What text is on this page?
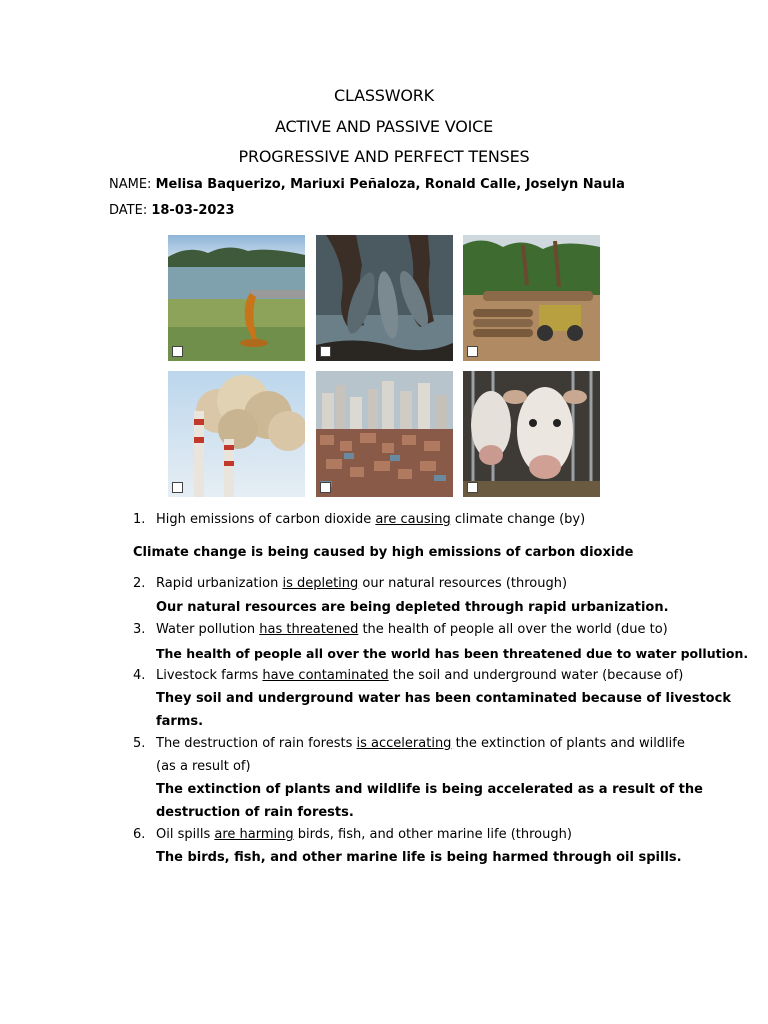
CLASSWORK
ACTIVE AND PASSIVE VOICE
PROGRESSIVE AND PERFECT TENSES
NAME: Melisa Baquerizo, Mariuxi Peñaloza, Ronald Calle, Joselyn Naula
DATE: 18-03-2023
1. High emissions of carbon dioxide are causing climate change (by)
Climate change is being caused by high emissions of carbon dioxide
2. Rapid urbanization is depleting our natural resources (through)
Our natural resources are being depleted through rapid urbanization.
3. Water pollution has threatened the health of people all over the world (due to)
The health of people all over the world has been threatened due to water pollution.
4. Livestock farms have contaminated the soil and underground water (because of)
They soil and underground water has been contaminated because of livestock
farms.
5. The destruction of rain forests is accelerating the extinction of plants and wildlife
(as a result of)
The extinction of plants and wildlife is being accelerated as a result of the
destruction of rain forests.
6. Oil spills are harming birds, fish, and other marine life (through)
The birds, fish, and other marine life is being harmed through oil spills.
